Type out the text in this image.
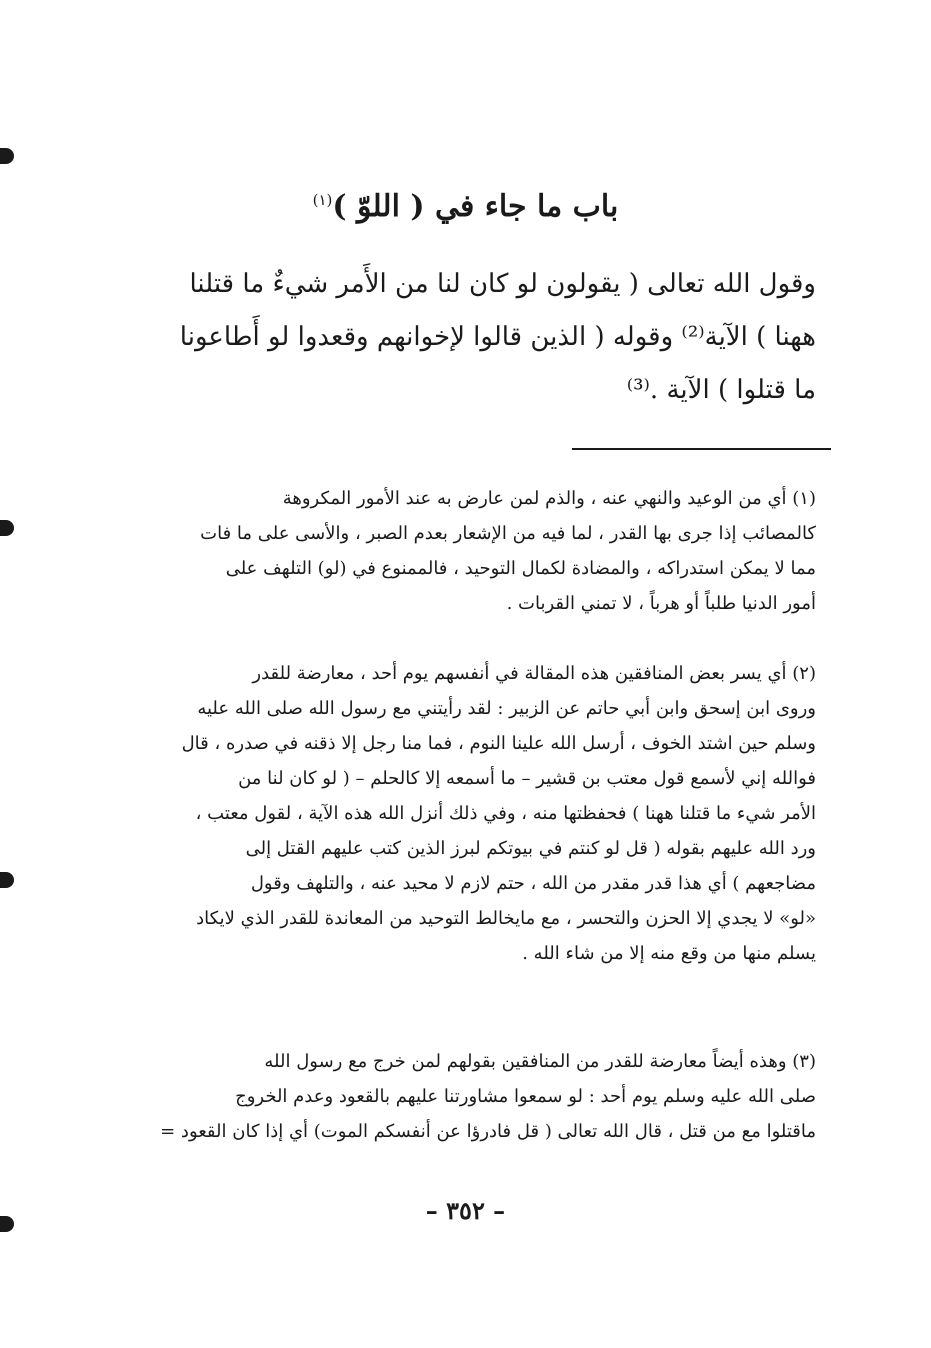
باب ما جاء في ( اللوّ )$^{(١)}$
وقول الله تعالى ( يقولون لو كان لنا من الأَمر شيءٌ ما قتلنا
ههنا ) الآية⁽²⁾ وقوله ( الذين قالوا لإخوانهم وقعدوا لو أَطاعونا
ما قتلوا ) الآية .⁽³⁾
(١) أي من الوعيد والنهي عنه ، والذم لمن عارض به عند الأمور المكروهة
كالمصائب إذا جرى بها القدر ، لما فيه من الإشعار بعدم الصبر ، والأسى على ما فات
مما لا يمكن استدراكه ، والمضادة لكمال التوحيد ، فالممنوع في (لو) التلهف على
أمور الدنيا طلباً أو هرباً ، لا تمني القربات .
(٢) أي يسر بعض المنافقين هذه المقالة في أنفسهم يوم أحد ، معارضة للقدر
وروى ابن إسحق وابن أبي حاتم عن الزبير : لقد رأيتني مع رسول الله صلى الله عليه
وسلم حين اشتد الخوف ، أرسل الله علينا النوم ، فما منا رجل إلا ذقنه في صدره ، قال
فوالله إني لأسمع قول معتب بن قشير – ما أسمعه إلا كالحلم – ( لو كان لنا من
الأمر شيء ما قتلنا ههنا ) فحفظتها منه ، وفي ذلك أنزل الله هذه الآية ، لقول معتب ،
ورد الله عليهم بقوله ( قل لو كنتم في بيوتكم لبرز الذين كتب عليهم القتل إلى
مضاجعهم ) أي هذا قدر مقدر من الله ، حتم لازم لا محيد عنه ، والتلهف وقول
«لو» لا يجدي إلا الحزن والتحسر ، مع مايخالط التوحيد من المعاندة للقدر الذي لايكاد
يسلم منها من وقع منه إلا من شاء الله .
(٣) وهذه أيضاً معارضة للقدر من المنافقين بقولهم لمن خرج مع رسول الله
صلى الله عليه وسلم يوم أحد : لو سمعوا مشاورتنا عليهم بالقعود وعدم الخروج
ماقتلوا مع من قتل ، قال الله تعالى ( قل فادرؤا عن أنفسكم الموت) أي إذا كان القعود =
– ٣٥٢ –
